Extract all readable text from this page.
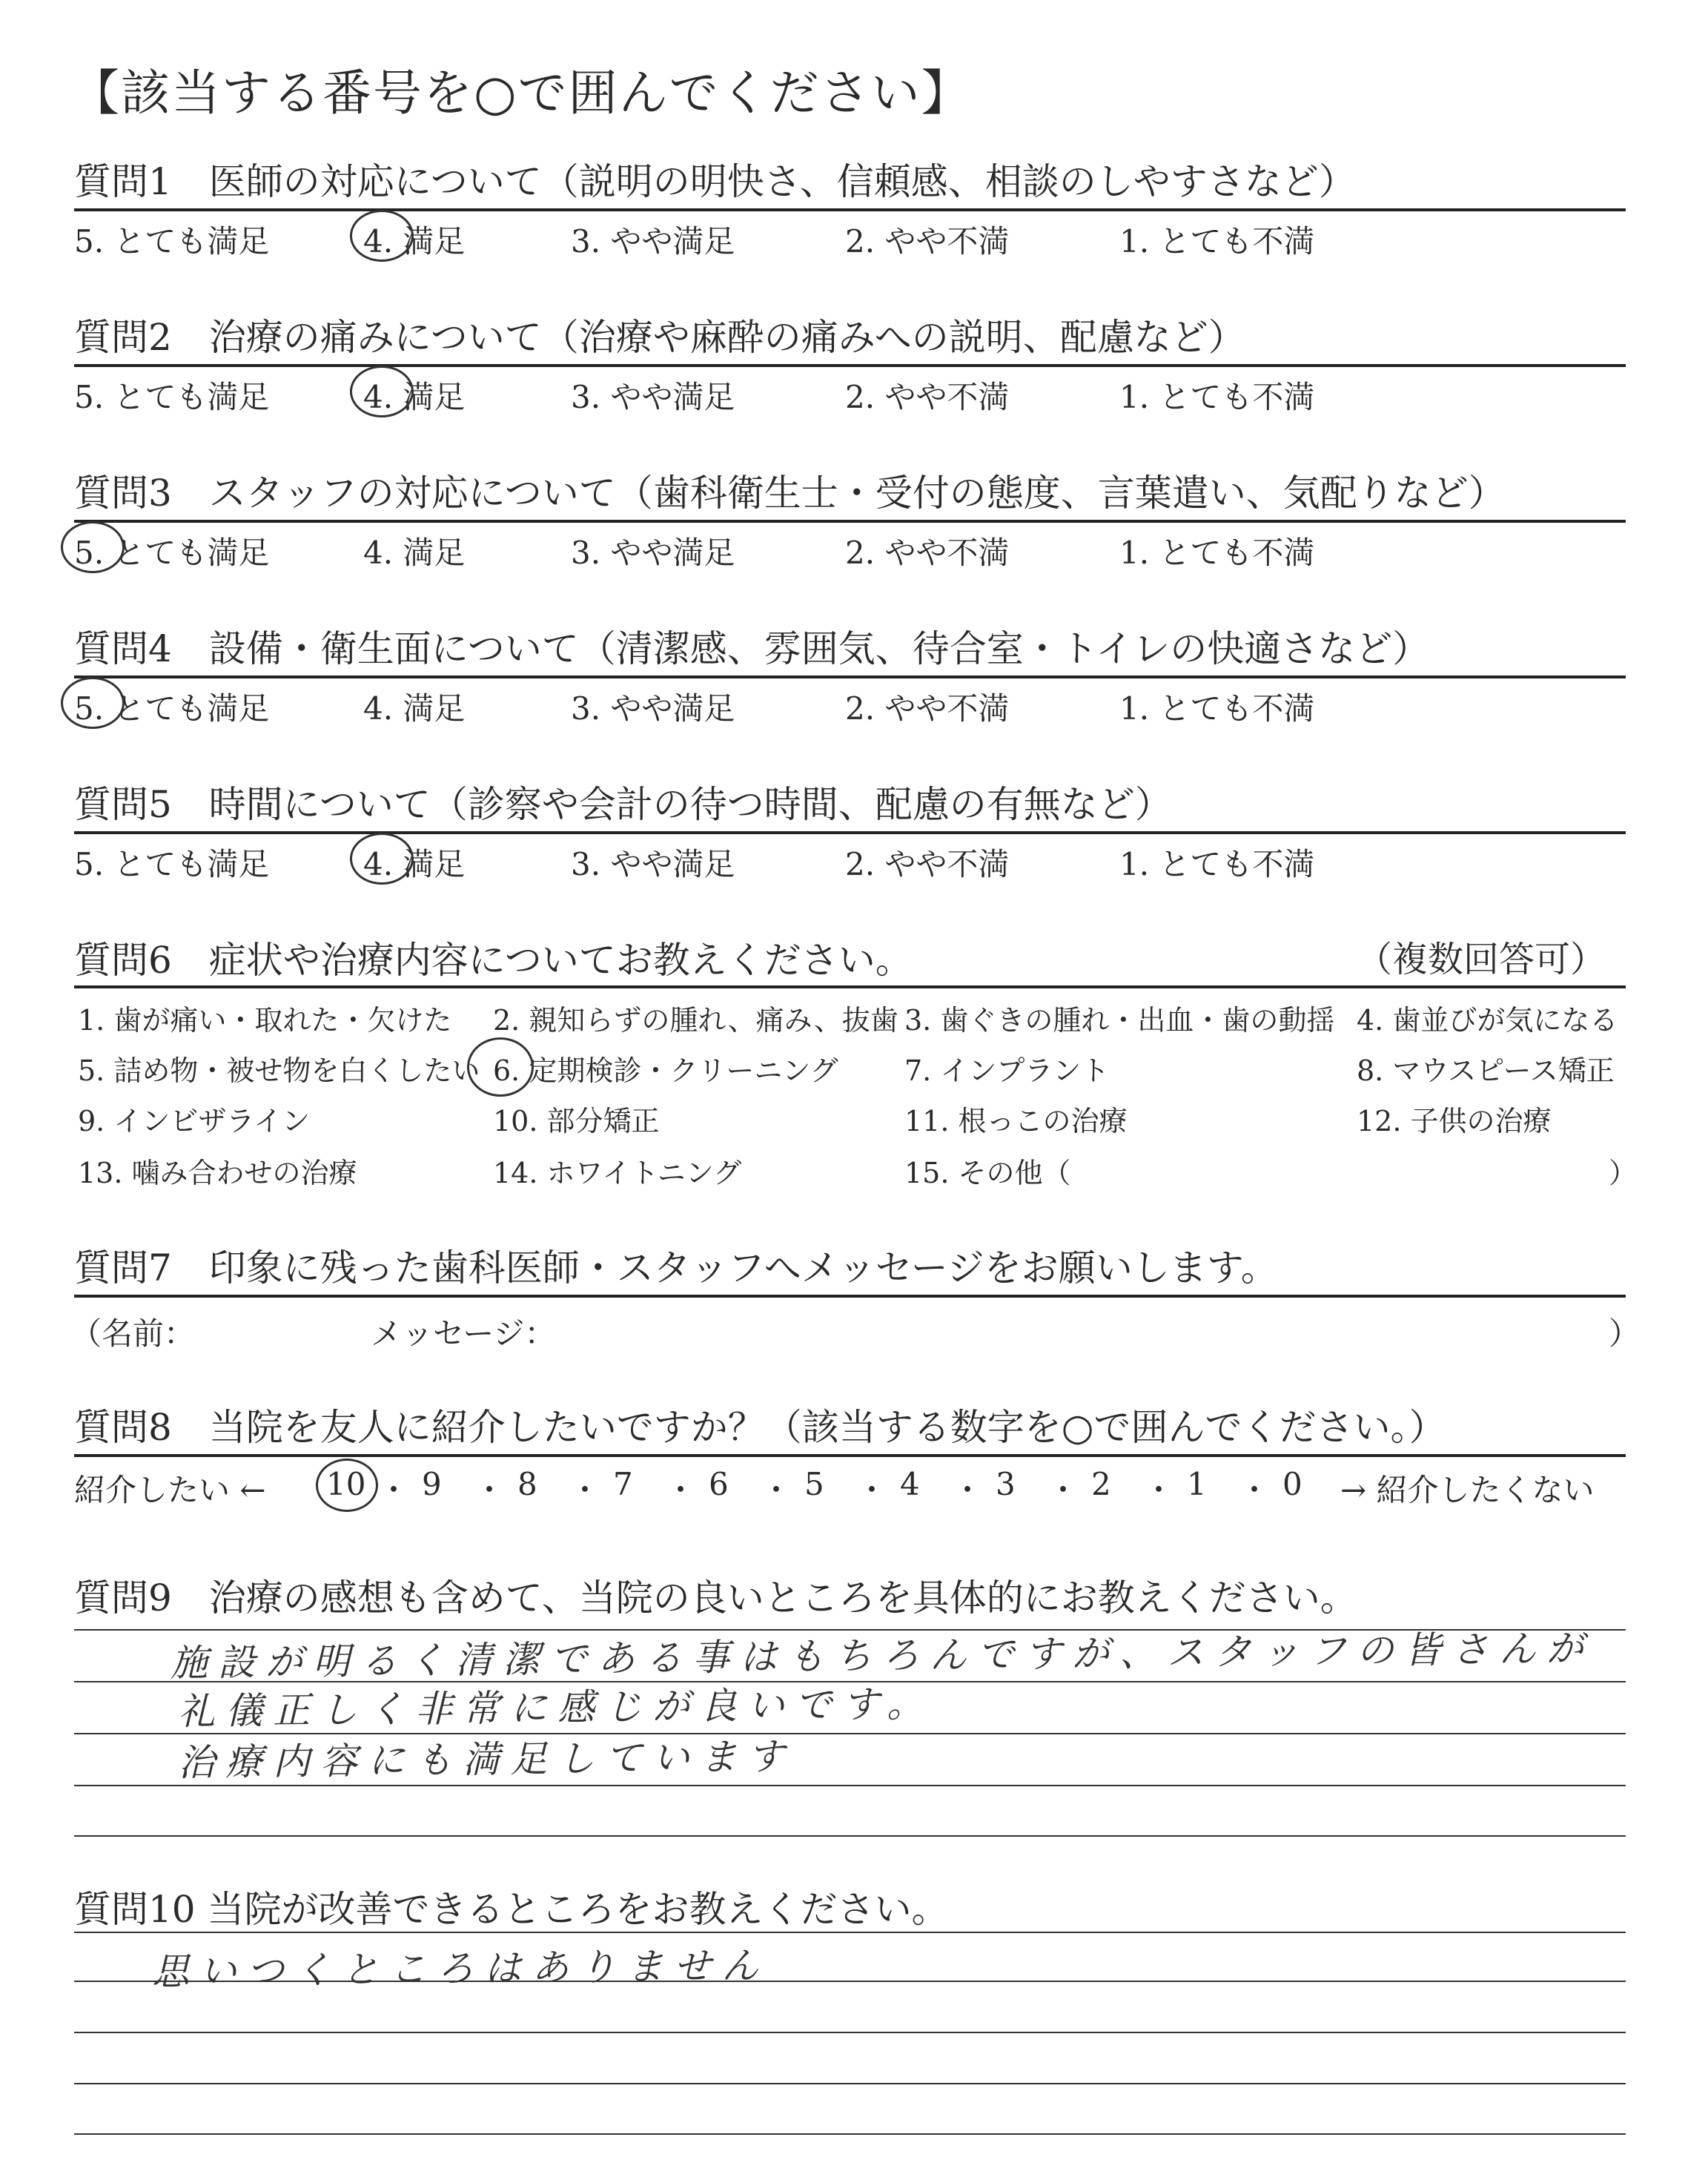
【該当する番号を○で囲んでください】
質問1　医師の対応について（説明の明快さ、信頼感、相談のしやすさなど）
5. とても満足	4. 満足	3. やや満足	2. やや不満	1. とても不満
質問2　治療の痛みについて（治療や麻酔の痛みへの説明、配慮など）
5. とても満足	4. 満足	3. やや満足	2. やや不満	1. とても不満
質問3　スタッフの対応について（歯科衛生士・受付の態度、言葉遣い、気配りなど）
5. とても満足	4. 満足	3. やや満足	2. やや不満	1. とても不満
質問4　設備・衛生面について（清潔感、雰囲気、待合室・トイレの快適さなど）
5. とても満足	4. 満足	3. やや満足	2. やや不満	1. とても不満
質問5　時間について（診察や会計の待つ時間、配慮の有無など）
5. とても満足	4. 満足	3. やや満足	2. やや不満	1. とても不満
質問6　症状や治療内容についてお教えください。	（複数回答可）
1. 歯が痛い・取れた・欠けた 2. 親知らずの腫れ、痛み、抜歯 3. 歯ぐきの腫れ・出血・歯の動揺 4. 歯並びが気になる
5. 詰め物・被せ物を白くしたい 6. 定期検診・クリーニング 7. インプラント	8. マウスピース矯正
9. インビザライン	10. 部分矯正	11. 根っこの治療	12. 子供の治療
13. 噛み合わせの治療	14. ホワイトニング	15. その他（	）
質問7　印象に残った歯科医師・スタッフへメッセージをお願いします。
（名前：	メッセージ：	）
質問8　当院を友人に紹介したいですか？（該当する数字を○で囲んでください。）
紹介したい ← 10 ・ 9 ・ 8 ・ 7 ・ 6 ・ 5 ・ 4 ・ 3 ・ 2 ・ 1 ・ 0 → 紹介したくない
質問9　治療の感想も含めて、当院の良いところを具体的にお教えください。
施設が明るく清潔である事はもちろんですが、スタッフの皆さんが
礼儀正しく非常に感じが良いです。
治療内容にも満足しています
質問10 当院が改善できるところをお教えください。
思いつくところはありません
